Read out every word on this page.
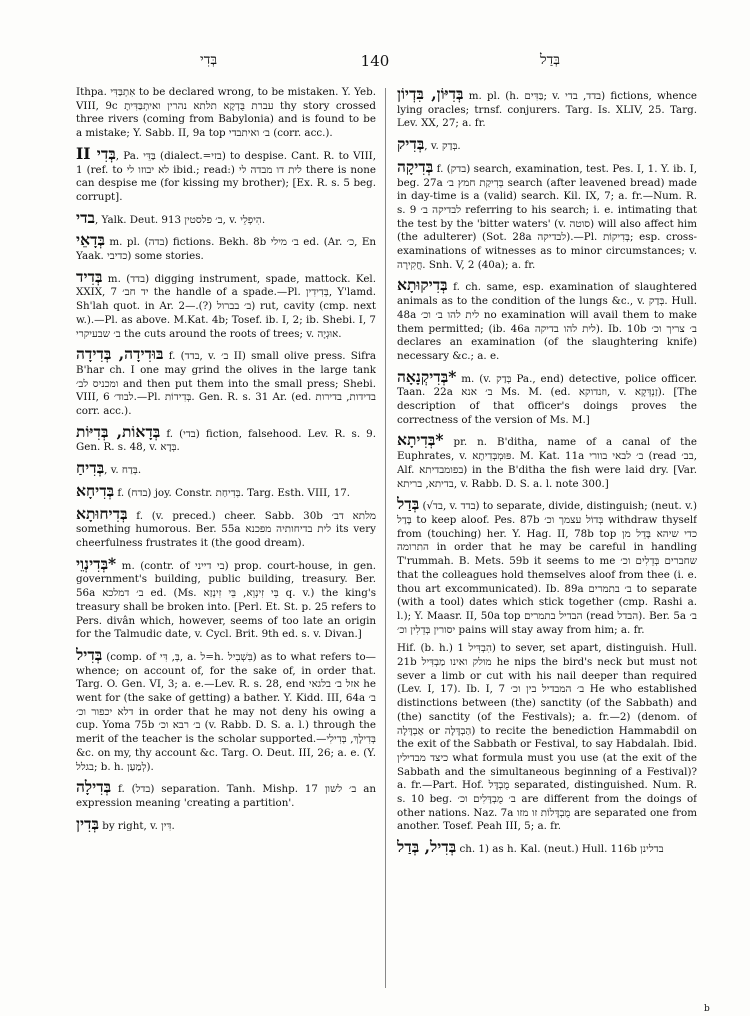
בְּדִי	140	בְּדַל

Ithpa. אִתְבַּדִּי to be declared wrong, to be mistaken. Y. Yeb. VIII, 9c עברת בֻּדְקָא תלתא נהרין ואיתְבַּדִּיתָ thy story crossed three rivers (coming from Babylonia) and is found to be a mistake; Y. Sabb. II, 9a top ב׳ ואיתבדי (corr. acc.).

בְּדִי II, Pa. בַּדֵּי (dialect.=בזי) to despise. Cant. R. to VIII, 1 (ref. to לא יבוזו לי ibid.; read:) לית דו מבדה לי there is none can despise me (for kissing my brother); [Ex. R. s. 5 beg. corrupt].

בדי, Yalk. Deut. 913 ב׳ פלסטין, v. הִיפְלֵי.

בְּדָאֵי m. pl. (בדה) fictions. Bekh. 8b ב׳ מילי ed. (Ar. כ׳, En Yaak. כדיבי) some stories.

בְּדִיד m. (בדד) digging instrument, spade, mattock. Kel. XXIX, 7 יד חב׳ the handle of a spade.—Pl. בְּדִידִין, Y'lamd. Sh'lah quot. in Ar. ב׳ בברול (?).—2) rut, cavity (cmp. next w.).—Pl. as above. M.Kat. 4b; Tosef. ib. I, 2; ib. Shebi. I, 7 ב׳ שבעיקרי the cuts around the roots of trees; v. אוּגְיָה.

בּוּדִידָה, בְּדִידָה f. (בדד, v. ב׳ II) small olive press. Sifra B'har ch. I one may grind the olives in the large tank ומכניס לב׳ and then put them into the small press; Shebi. VIII, 6 לבוד׳.—Pl. בְּדִידוֹת. Gen. R. s. 31 Ar. (ed. בדידות, בדירות corr. acc.).

בְּדָאוֹת, בְּדִיּוֹת f. (בדי) fiction, falsehood. Lev. R. s. 9. Gen. R. s. 48, v. בְּדָא.

בְּדִיחַ, v. בְּדַח.

בְּדִיחָא f. (בדח) joy. Constr. בְּדִיחַת. Targ. Esth. VIII, 17.

בְּדִיחוּתָא f. (v. preced.) cheer. Sabb. 30b מלתא דב׳ something humorous. Ber. 55a לית בדיחותיה מפכנא its very cheerfulness frustrates it (the good dream).

*בְּדִינְוֵי m. (contr. of בי דייני) prop. court-house, in gen. government's building, public building, treasury. Ber. 56a ב׳ דמלכא ed. (Ms. בֵּי זִינְוֵא, בֵּי זִינְזַא q. v.) the king's treasury shall be broken into. [Perl. Et. St. p. 25 refers to Pers. divân which, however, seems of too late an origin for the Talmudic date, v. Cycl. Brit. 9th ed. s. v. Divan.]

בְּדִיל (comp. of בְּ, דִּי, a. ל=h. בִּשְׁבִיל) as to what refers to— whence; on account of, for the sake of, in order that. Targ. O. Gen. VI, 3; a. e.—Lev. R. s. 28, end אזל ב׳ בלגאי he went for (the sake of getting) a bather. Y. Kidd. III, 64a ב׳ דלא יכפור וכ׳ in order that he may not deny his owing a cup. Yoma 75b ב׳ רבא וכ׳ (v. Rabb. D. S. a. l.) through the merit of the teacher is the scholar supported.—בְּדִילָךְ, בְּדִילִי &c. on my, thy account &c. Targ. O. Deut. III, 26; a. e. (Y. בגלל; b. h. לְמַעַן).

בְּדִילָה f. (בדל) separation. Tanh. Mishp. 17 ב׳ לשון an expression meaning 'creating a partition'.

בְּדִין by right, v. דִּין.

בְּדִיּוֹן, בִּדְיוֹן m. pl. (h. בַּדִּים; v. בדד, בדי) fictions, whence lying oracles; trnsf. conjurers. Targ. Is. XLIV, 25. Targ. Lev. XX, 27; a. fr.

בְּדִיק, v. בְּדַק.

בְּדִיקָה f. (בדק) search, examination, test. Pes. I, 1. Y. ib. I, beg. 27a בְּדִיקַת חמץ ב׳ search (after leavened bread) made in day-time is a (valid) search. Kil. IX, 7; a. fr.—Num. R. s. 9 לבדיקה ב׳ referring to his search; i. e. intimating that the test by the 'bitter waters' (v. סוטה) will also affect him (the adulterer) (Sot. 28a לבדיקה).—Pl. בְּדִיקוֹת; esp. cross-examinations of witnesses as to minor circumstances; v. חֲקִירָה. Snh. V, 2 (40a); a. fr.

בְּדִיקוּתָא f. ch. same, esp. examination of slaughtered animals as to the condition of the lungs &c., v. בְּדַק. Hull. 48a לית להו ב׳ וכ׳ no examination will avail them to make them permitted; (ib. 46a לית להו בדיקה). Ib. 10b ב׳ צריך וכ׳ declares an examination (of the slaughtering knife) necessary &c.; a. e.

*בְּדִיקְנָאָה m. (v. בְּדַק Pa., end) detective, police officer. Taan. 22a ב׳ אנא Ms. M. (ed. וזנדוקא, v. זַנְדְּקָא). [The description of that officer's doings proves the correctness of the version of Ms. M.]

*בְּדִיתָא pr. n. B'ditha, name of a canal of the Euphrates, v. פּוּמְבְּדִיתָא. M. Kat. 11a ב׳ לבאי בוורי (read בב׳, Alf. בפומבדיתא) in the B'ditha the fish were laid dry. [Var. בדיתא, בריתא, v. Rabb. D. S. a. l. note 300.]

בְּדַל (√בד, v. בדד) to separate, divide, distinguish; (neut. v.) בָּדַל to keep aloof. Pes. 87b בְּדוֹל עצמך וכ׳ withdraw thyself from (touching) her. Y. Hag. II, 78b top כדי שיהא בָּדֵל מן התרומה in order that he may be careful in handling T'rummah. B. Mets. 59b it seems to me שחברים בְּדֵלִים וכ׳ that the colleagues hold themselves aloof from thee (i. e. thou art excommunicated). Ib. 89a ב׳ בתמרים to separate (with a tool) dates which stick together (cmp. Rashi a. l.); Y. Maasr. II, 50a top הבדיל בתמרים (read הבדל). Ber. 5a ב׳ יסורין בְּדֵלִין וכ׳ pains will stay away from him; a. fr.

Hif. (b. h.) הִבְדִּיל 1) to sever, set apart, distinguish. Hull. 21b מולק ואינו מַבְדִּיל he nips the bird's neck but must not sever a limb or cut with his nail deeper than required (Lev. I, 17). Ib. I, 7 ב׳ המבדיל בין וכ׳ He who established distinctions between (the) sanctity (of the Sabbath) and (the) sanctity (of the Festivals); a. fr.—2) (denom. of אַבְדָּלָה or הַבְדָּלָה) to recite the benediction Hammabdil on the exit of the Sabbath or Festival, to say Habdalah. Ibid. כיצד מבדילין what formula must you use (at the exit of the Sabbath and the simultaneous beginning of a Festival)? a. fr.—Part. Hof. מֻבְדָּל separated, distinguished. Num. R. s. 10 beg. ב׳ מֻבְדָּלִים וכ׳ are different from the doings of other nations. Naz. 7a מֻבְדָּלוֹת זו מזו are separated one from another. Tosef. Peah III, 5; a. fr.

בְּדִיל, בְּדַל ch. 1) as h. Kal. (neut.) Hull. 116b בדלינן

b
